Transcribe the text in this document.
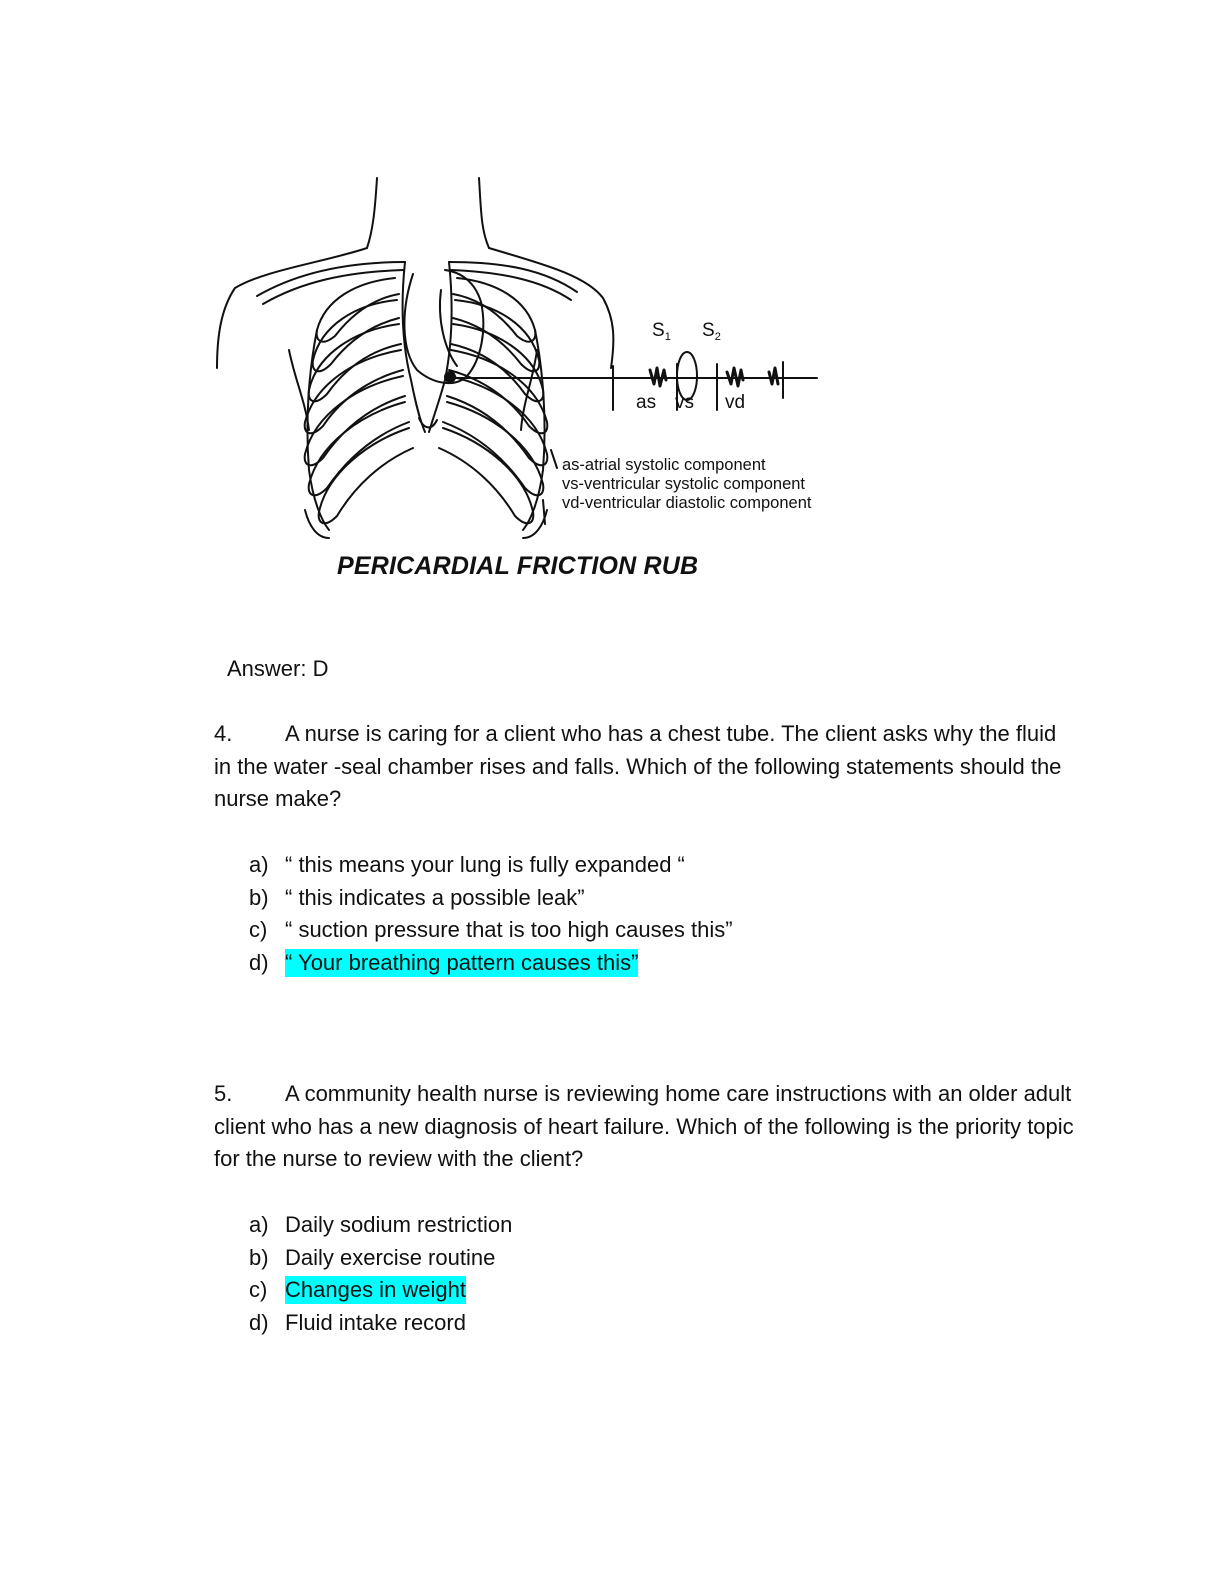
$S_1$ $S_2$
as vs vd
as-atrial systolic component
vs-ventricular systolic component
vd-ventricular diastolic component
PERICARDIAL FRICTION RUB
Answer: D
4. A nurse is caring for a client who has a chest tube. The client asks why the fluid in the water -seal chamber rises and falls. Which of the following statements should the nurse make?
a) “ this means your lung is fully expanded “
b) “ this indicates a possible leak”
c) “ suction pressure that is too high causes this”
d) “ Your breathing pattern causes this”
5. A community health nurse is reviewing home care instructions with an older adult client who has a new diagnosis of heart failure. Which of the following is the priority topic for the nurse to review with the client?
a) Daily sodium restriction
b) Daily exercise routine
c) Changes in weight
d) Fluid intake record
